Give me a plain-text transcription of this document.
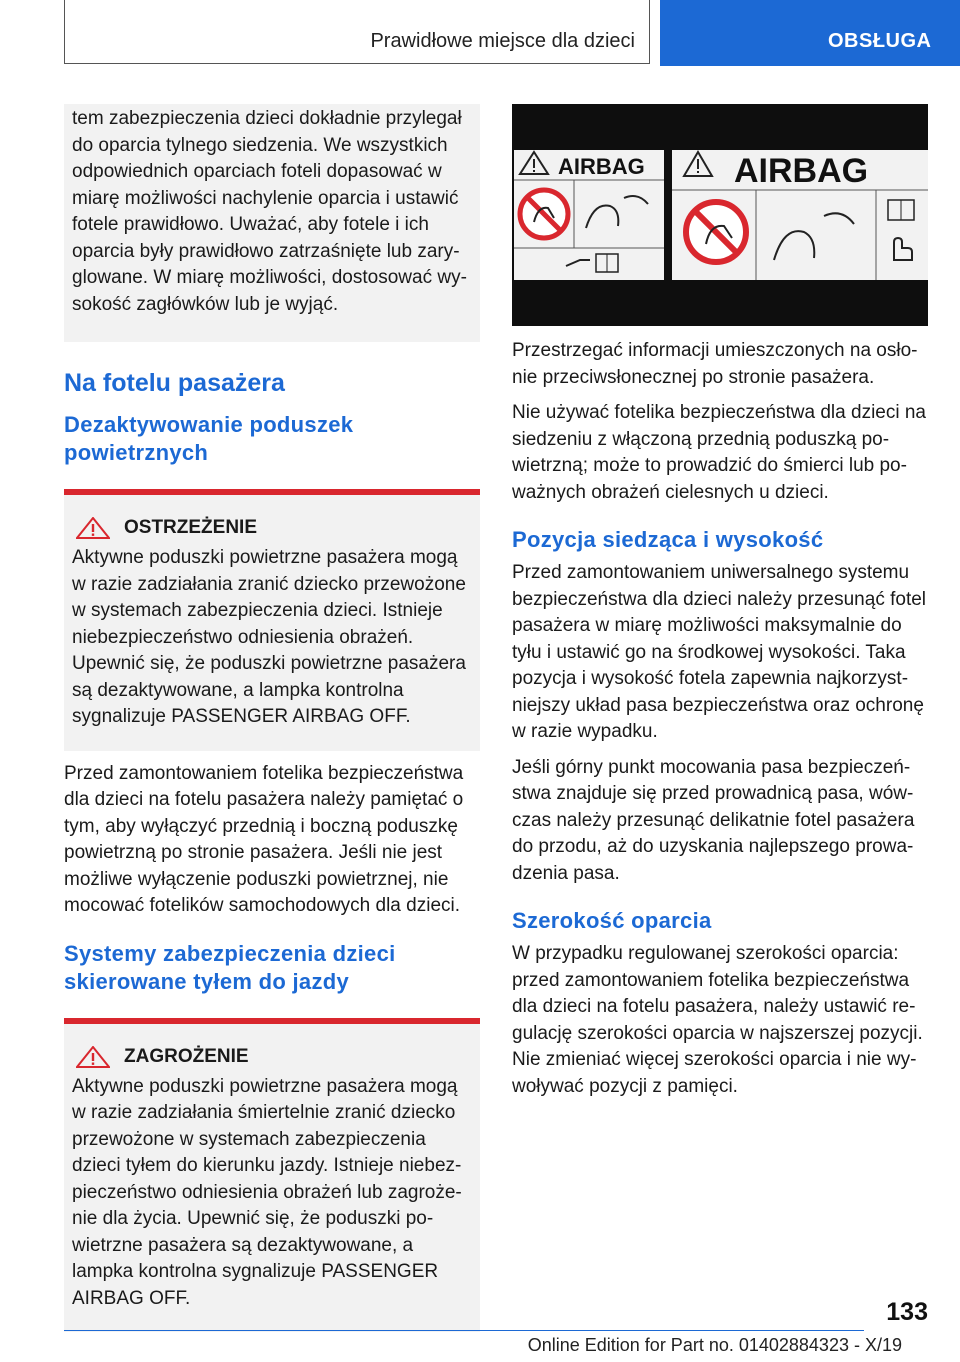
Prawidłowe miejsce dla dzieci	OBSŁUGA

tem zabezpieczenia dzieci dokładnie przylegał do oparcia tylnego siedzenia. We wszystkich odpowiednich oparciach foteli dopasować w miarę możliwości nachylenie oparcia i ustawić fotele prawidłowo. Uważać, aby fotele i ich oparcia były prawidłowo zatrzaśnięte lub zaryglowane. W miarę możliwości, dostosować wysokość zagłówków lub je wyjąć.

Na fotelu pasażera
Dezaktywowanie poduszek powietrznych
OSTRZEŻENIE

Aktywne poduszki powietrzne pasażera mogą w razie zadziałania zranić dziecko przewożone w systemach zabezpieczenia dzieci. Istnieje niebezpieczeństwo odniesienia obrażeń. Upewnić się, że poduszki powietrzne pasażera są dezaktywowane, a lampka kontrolna sygnalizuje PASSENGER AIRBAG OFF.

Przed zamontowaniem fotelika bezpieczeństwa dla dzieci na fotelu pasażera należy pamiętać o tym, aby wyłączyć przednią i boczną poduszkę powietrzną po stronie pasażera. Jeśli nie jest możliwe wyłączenie poduszki powietrznej, nie mocować fotelików samochodowych dla dzieci.

Systemy zabezpieczenia dzieci skierowane tyłem do jazdy
ZAGROŻENIE

Aktywne poduszki powietrzne pasażera mogą w razie zadziałania śmiertelnie zranić dziecko przewożone w systemach zabezpieczenia dzieci tyłem do kierunku jazdy. Istnieje niebezpieczeństwo odniesienia obrażeń lub zagrożenie dla życia. Upewnić się, że poduszki powietrzne pasażera są dezaktywowane, a lampka kontrolna sygnalizuje PASSENGER AIRBAG OFF.

AIRBAG	AIRBAG

Przestrzegać informacji umieszczonych na osłonie przeciwsłonecznej po stronie pasażera.

Nie używać fotelika bezpieczeństwa dla dzieci na siedzeniu z włączoną przednią poduszką powietrzną; może to prowadzić do śmierci lub poważnych obrażeń cielesnych u dzieci.

Pozycja siedząca i wysokość

Przed zamontowaniem uniwersalnego systemu bezpieczeństwa dla dzieci należy przesunąć fotel pasażera w miarę możliwości maksymalnie do tyłu i ustawić go na środkowej wysokości. Taka pozycja i wysokość fotela zapewnia najkorzystniejszy układ pasa bezpieczeństwa oraz ochronę w razie wypadku.

Jeśli górny punkt mocowania pasa bezpieczeństwa znajduje się przed prowadnicą pasa, wówczas należy przesunąć delikatnie fotel pasażera do przodu, aż do uzyskania najlepszego prowadzenia pasa.

Szerokość oparcia

W przypadku regulowanej szerokości oparcia: przed zamontowaniem fotelika bezpieczeństwa dla dzieci na fotelu pasażera, należy ustawić regulację szerokości oparcia w najszerszej pozycji. Nie zmieniać więcej szerokości oparcia i nie wywoływać pozycji z pamięci.

133
Online Edition for Part no. 01402884323 - X/19
